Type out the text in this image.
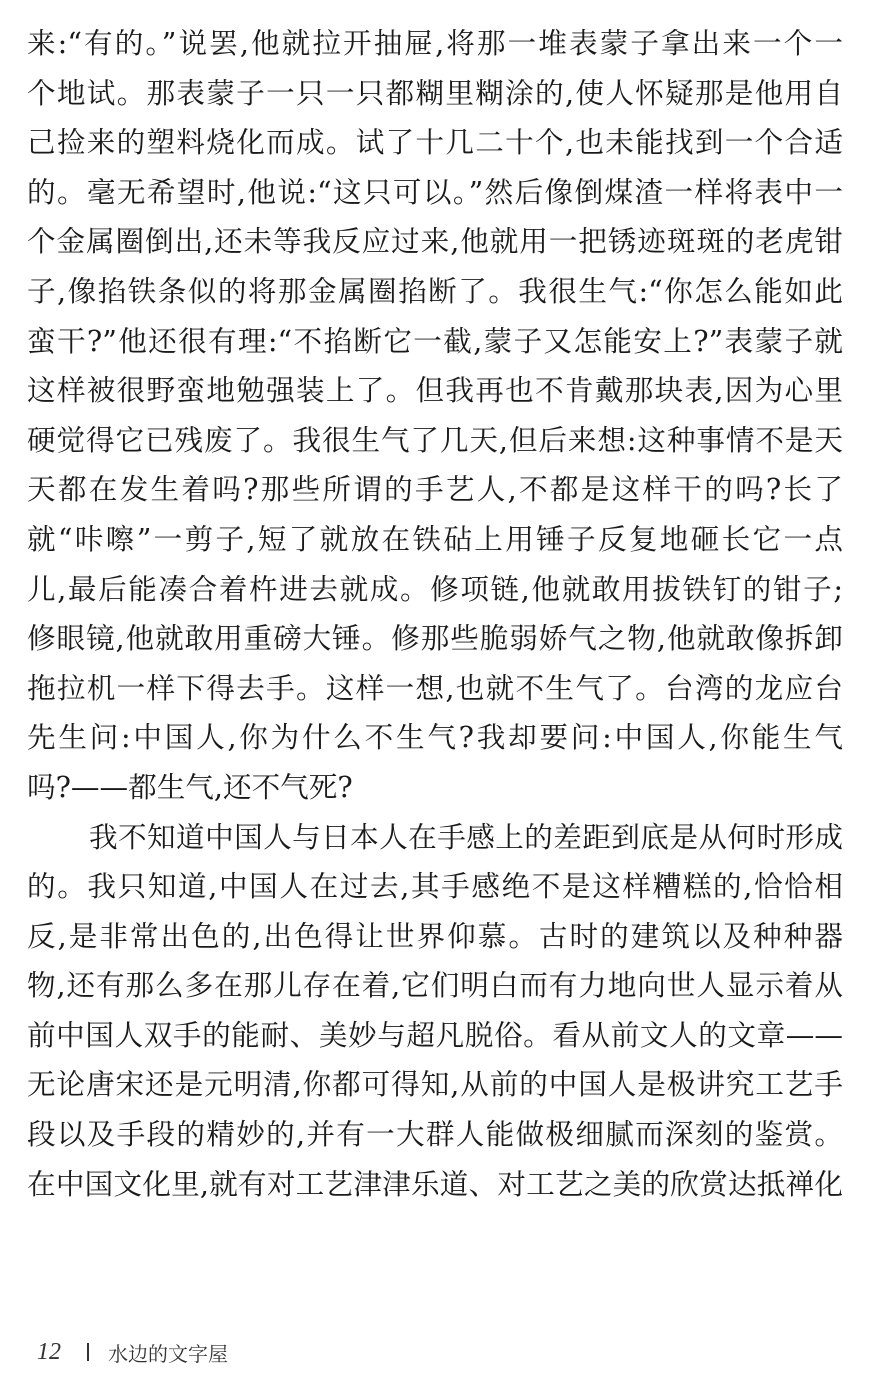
来:“有的。”说罢,他就拉开抽屉,将那一堆表蒙子拿出来一个一
个地试。那表蒙子一只一只都糊里糊涂的,使人怀疑那是他用自
己捡来的塑料烧化而成。试了十几二十个,也未能找到一个合适
的。毫无希望时,他说:“这只可以。”然后像倒煤渣一样将表中一
个金属圈倒出,还未等我反应过来,他就用一把锈迹斑斑的老虎钳
子,像掐铁条似的将那金属圈掐断了。我很生气:“你怎么能如此
蛮干?”他还很有理:“不掐断它一截,蒙子又怎能安上?”表蒙子就
这样被很野蛮地勉强装上了。但我再也不肯戴那块表,因为心里
硬觉得它已残废了。我很生气了几天,但后来想:这种事情不是天
天都在发生着吗?那些所谓的手艺人,不都是这样干的吗?长了
就“咔嚓”一剪子,短了就放在铁砧上用锤子反复地砸长它一点
儿,最后能凑合着杵进去就成。修项链,他就敢用拔铁钉的钳子;
修眼镜,他就敢用重磅大锤。修那些脆弱娇气之物,他就敢像拆卸
拖拉机一样下得去手。这样一想,也就不生气了。台湾的龙应台
先生问:中国人,你为什么不生气?我却要问:中国人,你能生气
吗?——都生气,还不气死?
我不知道中国人与日本人在手感上的差距到底是从何时形成
的。我只知道,中国人在过去,其手感绝不是这样糟糕的,恰恰相
反,是非常出色的,出色得让世界仰慕。古时的建筑以及种种器
物,还有那么多在那儿存在着,它们明白而有力地向世人显示着从
前中国人双手的能耐、美妙与超凡脱俗。看从前文人的文章——
无论唐宋还是元明清,你都可得知,从前的中国人是极讲究工艺手
段以及手段的精妙的,并有一大群人能做极细腻而深刻的鉴赏。
在中国文化里,就有对工艺津津乐道、对工艺之美的欣赏达抵禅化
12	水边的文字屋
